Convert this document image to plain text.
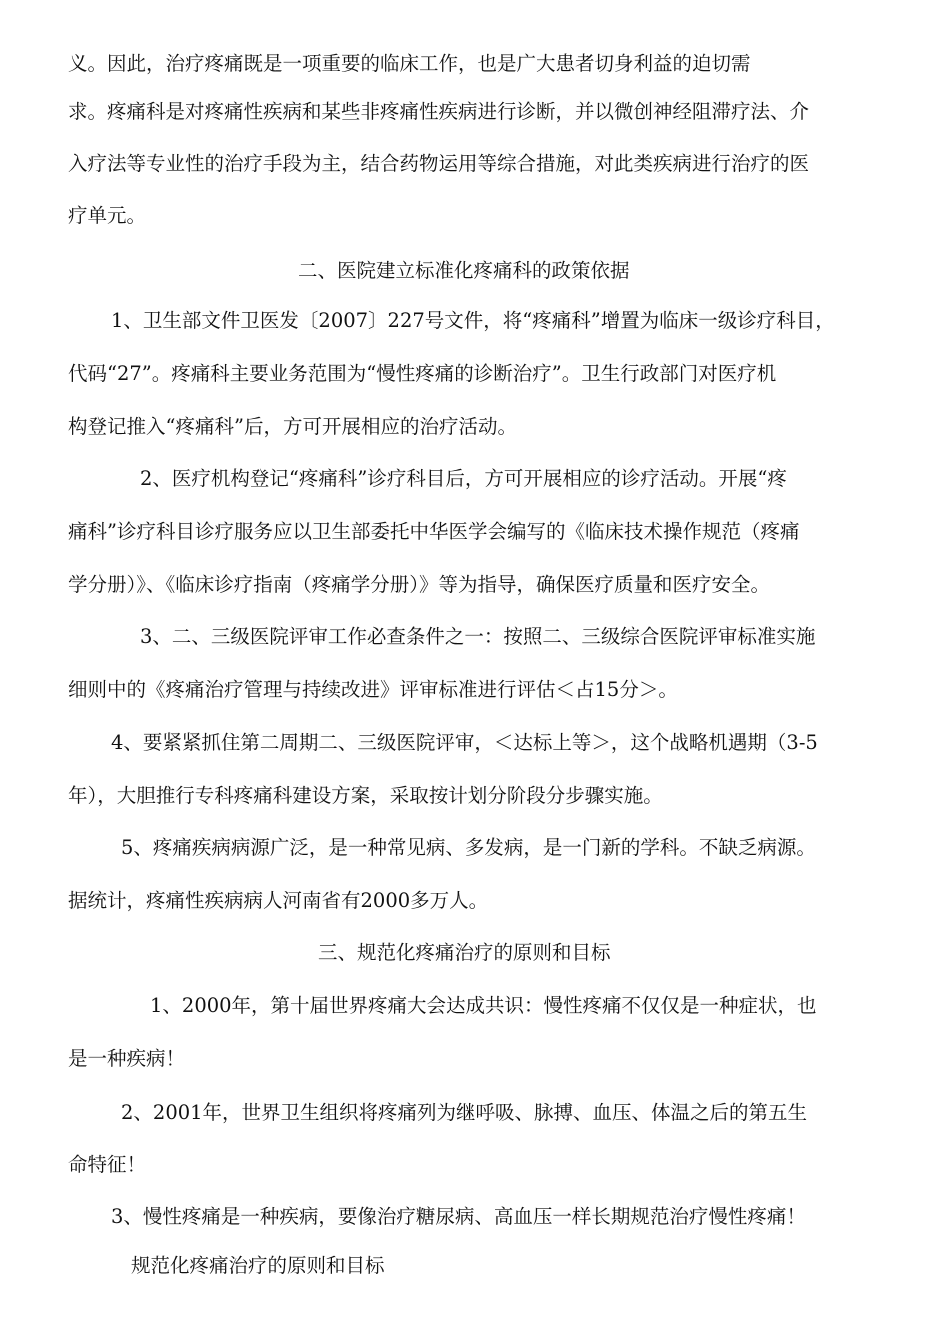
义。因此，治疗疼痛既是一项重要的临床工作，也是广大患者切身利益的迫切需
求。疼痛科是对疼痛性疾病和某些非疼痛性疾病进行诊断，并以微创神经阻滞疗法、介
入疗法等专业性的治疗手段为主，结合药物运用等综合措施，对此类疾病进行治疗的医
疗单元。
二、医院建立标准化疼痛科的政策依据
1、卫生部文件卫医发〔2007〕227号文件，将“疼痛科”增置为临床一级诊疗科目，
代码“27”。疼痛科主要业务范围为“慢性疼痛的诊断治疗”。卫生行政部门对医疗机
构登记推入“疼痛科”后，方可开展相应的治疗活动。
2、医疗机构登记“疼痛科”诊疗科目后，方可开展相应的诊疗活动。开展“疼
痛科”诊疗科目诊疗服务应以卫生部委托中华医学会编写的《临床技术操作规范（疼痛
学分册）》、《临床诊疗指南（疼痛学分册）》等为指导，确保医疗质量和医疗安全。
3、二、三级医院评审工作必查条件之一：按照二、三级综合医院评审标准实施
细则中的《疼痛治疗管理与持续改进》评审标准进行评估＜占15分＞。
4、要紧紧抓住第二周期二、三级医院评审，＜达标上等＞，这个战略机遇期（3-5
年），大胆推行专科疼痛科建设方案，采取按计划分阶段分步骤实施。
5、疼痛疾病病源广泛，是一种常见病、多发病，是一门新的学科。不缺乏病源。
据统计，疼痛性疾病病人河南省有2000多万人。
三、规范化疼痛治疗的原则和目标
1、2000年，第十届世界疼痛大会达成共识：慢性疼痛不仅仅是一种症状，也
是一种疾病！
2、2001年，世界卫生组织将疼痛列为继呼吸、脉搏、血压、体温之后的第五生
命特征！
3、慢性疼痛是一种疾病，要像治疗糖尿病、高血压一样长期规范治疗慢性疼痛！
规范化疼痛治疗的原则和目标
